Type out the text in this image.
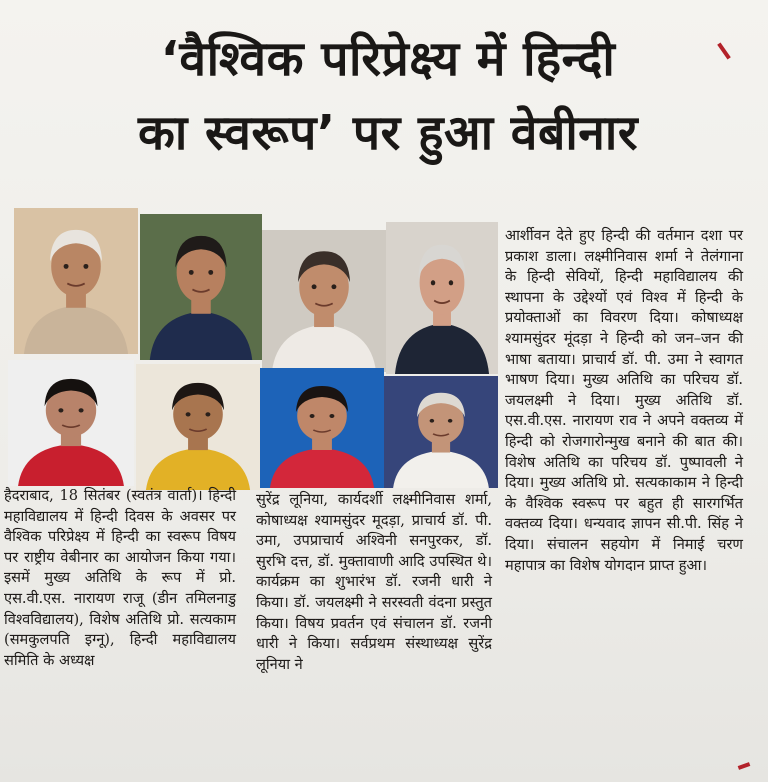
‘वैश्विक परिप्रेक्ष्य में हिन्दी
का स्वरूप’ पर हुआ वेबीनार

हैदराबाद, 18 सितंबर (स्वतंत्र वार्ता)। हिन्दी महाविद्यालय में हिन्दी दिवस के अवसर पर वैश्विक परिप्रेक्ष्य में हिन्दी का स्वरूप विषय पर राष्ट्रीय वेबीनार का आयोजन किया गया। इसमें मुख्य अतिथि के रूप में प्रो. एस.वी.एस. नारायण राजू (डीन तमिलनाडु विश्वविद्यालय), विशेष अतिथि प्रो. सत्यकाम (समकुलपति इग्नू), हिन्दी महाविद्यालय समिति के अध्यक्ष

सुरेंद्र लूनिया, कार्यदर्शी लक्ष्मीनिवास शर्मा, कोषाध्यक्ष श्यामसुंदर मूदड़ा, प्राचार्य डॉ. पी. उमा, उपप्राचार्य अश्विनी सनपुरकर, डॉ. सुरभि दत्त, डॉ. मुक्तावाणी आदि उपस्थित थे। कार्यक्रम का शुभारंभ डॉ. रजनी धारी ने किया। डॉ. जयलक्ष्मी ने सरस्वती वंदना प्रस्तुत किया। विषय प्रवर्तन एवं संचालन डॉ. रजनी धारी ने किया। सर्वप्रथम संस्थाध्यक्ष सुरेंद्र लूनिया ने

आर्शीवन देते हुए हिन्दी की वर्तमान दशा पर प्रकाश डाला। लक्ष्मीनिवास शर्मा ने तेलंगाना के हिन्दी सेवियों, हिन्दी महाविद्यालय की स्थापना के उद्देश्यों एवं विश्व में हिन्दी के प्रयोक्ताओं का विवरण दिया। कोषाध्यक्ष श्यामसुंदर मूंदड़ा ने हिन्दी को जन–जन की भाषा बताया। प्राचार्य डॉ. पी. उमा ने स्वागत भाषण दिया। मुख्य अतिथि का परिचय डॉ. जयलक्ष्मी ने दिया। मुख्य अतिथि डॉ. एस.वी.एस. नारायण राव ने अपने वक्तव्य में हिन्दी को रोजगारोन्मुख बनाने की बात की। विशेष अतिथि का परिचय डॉ. पुष्पावली ने दिया। मुख्य अतिथि प्रो. सत्यकाकाम ने हिन्दी के वैश्विक स्वरूप पर बहुत ही सारगर्भित वक्तव्य दिया। धन्यवाद ज्ञापन सी.पी. सिंह ने दिया। संचालन सहयोग में निमाई चरण महापात्र का विशेष योगदान प्राप्त हुआ।
